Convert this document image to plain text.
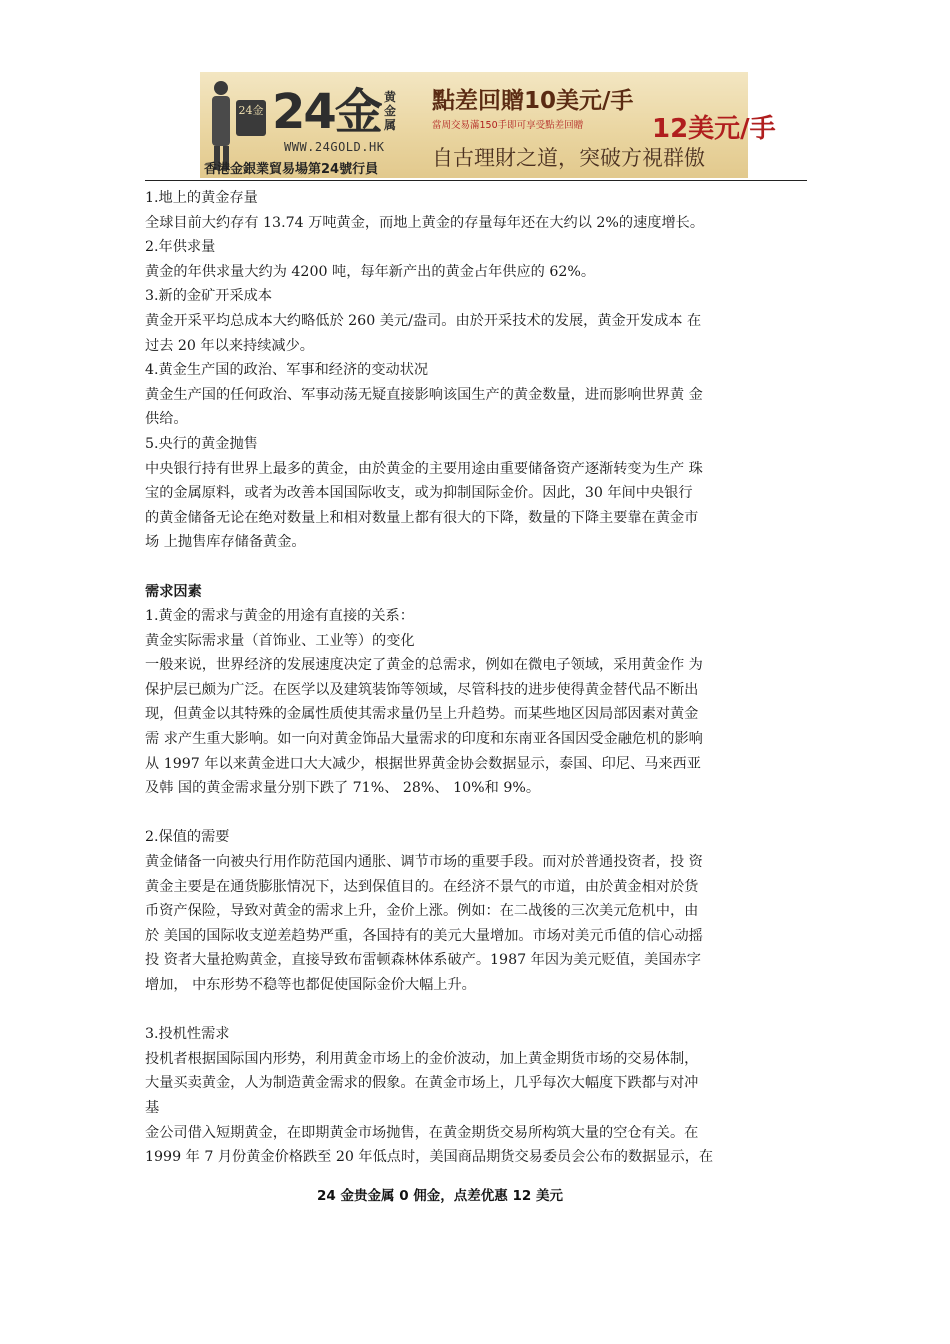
24金 24金 黄金属
WWW.24GOLD.HK
香港金銀業貿易場第24號行員
點差回贈10美元/手
當周交易滿150手即可享受點差回贈	12美元/手
自古理財之道，突破方視群傲

1.地上的黄金存量

全球目前大约存有 13.74 万吨黄金，而地上黄金的存量每年还在大约以 2%的速度增长。

2.年供求量

黄金的年供求量大约为 4200 吨，每年新产出的黄金占年供应的 62%。

3.新的金矿开采成本

黄金开采平均总成本大约略低於 260 美元/盎司。由於开采技术的发展，黄金开发成本 在

过去 20 年以来持续减少。

4.黄金生产国的政治、军事和经济的变动状况

黄金生产国的任何政治、军事动荡无疑直接影响该国生产的黄金数量，进而影响世界黄 金

供给。

5.央行的黄金抛售

中央银行持有世界上最多的黄金，由於黄金的主要用途由重要储备资产逐渐转变为生产 珠

宝的金属原料，或者为改善本国国际收支，或为抑制国际金价。因此，30 年间中央银行

的黄金储备无论在绝对数量上和相对数量上都有很大的下降，数量的下降主要靠在黄金市

场 上抛售库存储备黄金。

需求因素

1.黄金的需求与黄金的用途有直接的关系：

黄金实际需求量（首饰业、工业等）的变化

一般来说，世界经济的发展速度决定了黄金的总需求，例如在微电子领域，采用黄金作 为

保护层已颇为广泛。在医学以及建筑装饰等领域，尽管科技的进步使得黄金替代品不断出

现，但黄金以其特殊的金属性质使其需求量仍呈上升趋势。而某些地区因局部因素对黄金

需 求产生重大影响。如一向对黄金饰品大量需求的印度和东南亚各国因受金融危机的影响

从 1997 年以来黄金进口大大减少，根据世界黄金协会数据显示，泰国、印尼、马来西亚

及韩 国的黄金需求量分别下跌了 71%、 28%、 10%和 9%。

2.保值的需要

黄金储备一向被央行用作防范国内通胀、调节市场的重要手段。而对於普通投资者，投 资

黄金主要是在通货膨胀情况下，达到保值目的。在经济不景气的市道，由於黄金相对於货

币资产保险，导致对黄金的需求上升，金价上涨。例如：在二战後的三次美元危机中，由

於 美国的国际收支逆差趋势严重，各国持有的美元大量增加。市场对美元币值的信心动摇

投 资者大量抢购黄金，直接导致布雷顿森林体系破产。1987 年因为美元贬值，美国赤字

增加， 中东形势不稳等也都促使国际金价大幅上升。

3.投机性需求

投机者根据国际国内形势，利用黄金市场上的金价波动，加上黄金期货市场的交易体制，

大量买卖黄金，人为制造黄金需求的假象。在黄金市场上，几乎每次大幅度下跌都与对冲

基

金公司借入短期黄金，在即期黄金市场抛售，在黄金期货交易所构筑大量的空仓有关。在

1999 年 7 月份黄金价格跌至 20 年低点时，美国商品期货交易委员会公布的数据显示，在

24 金贵金属 0 佣金，点差优惠 12 美元
